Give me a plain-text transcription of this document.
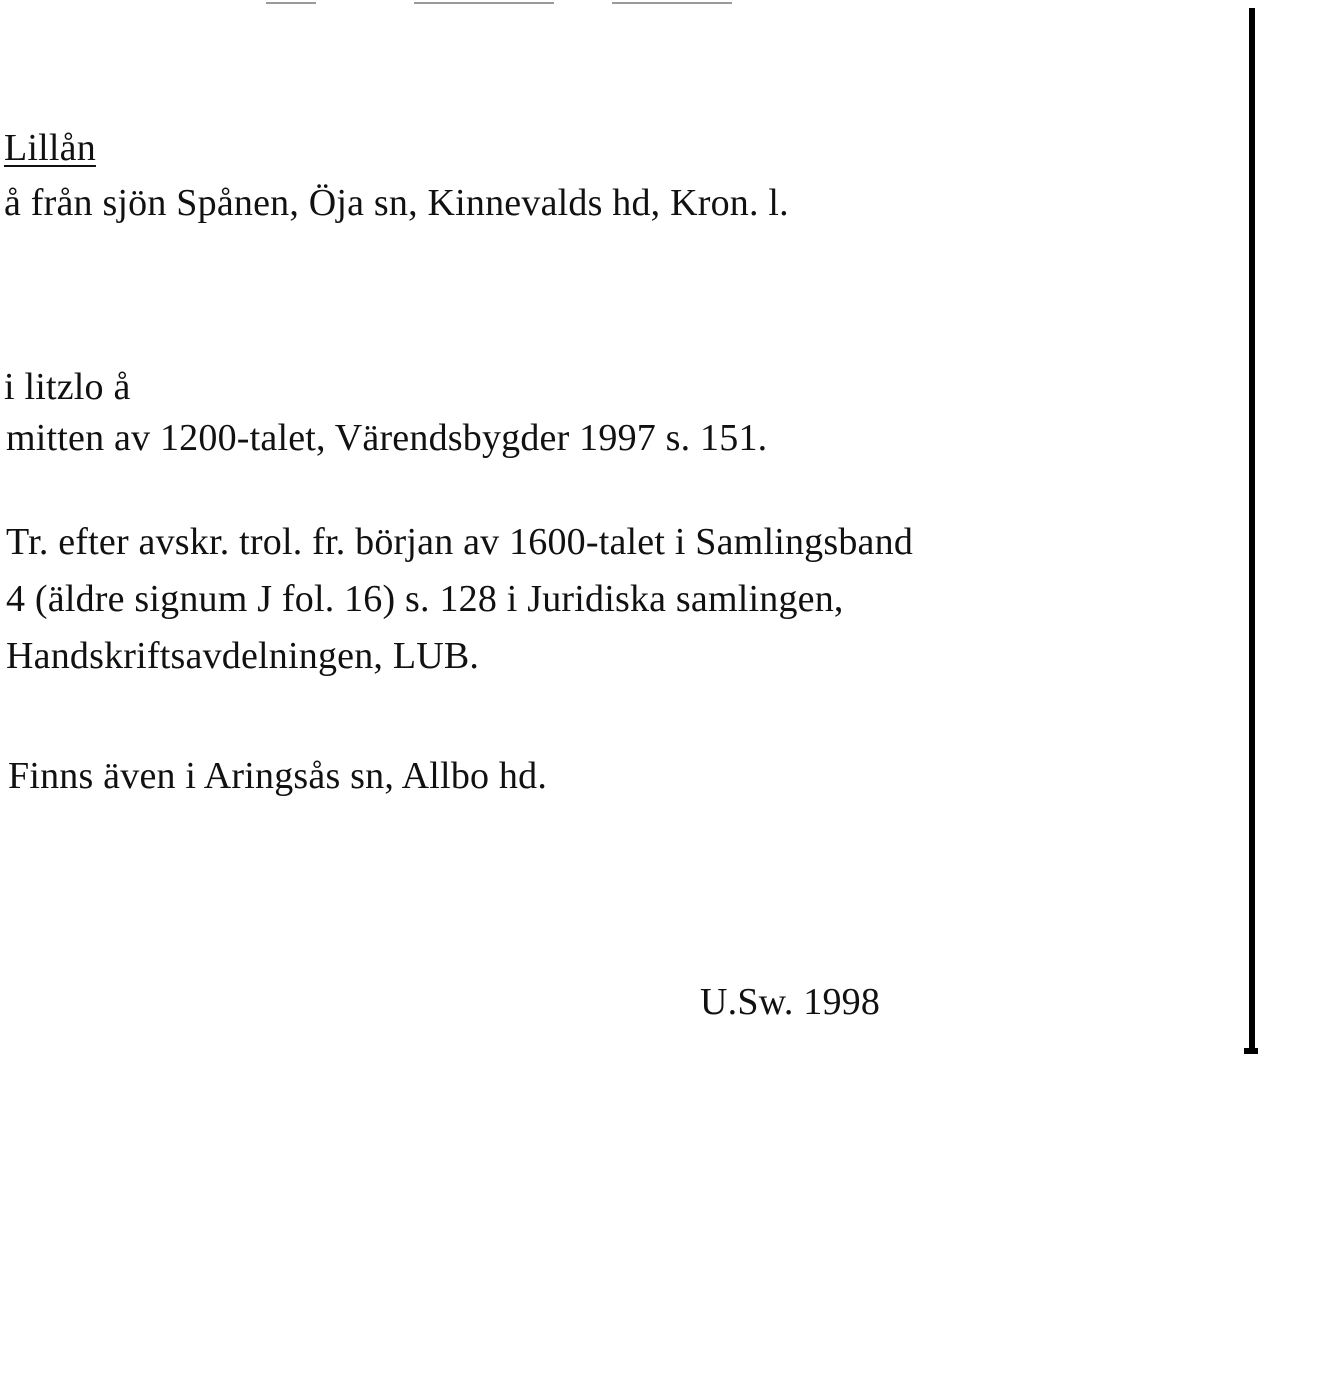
Lillån
å från sjön Spånen, Öja sn, Kinnevalds hd, Kron. l.
i litzlo å
mitten av 1200-talet, Värendsbygder 1997 s. 151.
Tr. efter avskr. trol. fr. början av 1600-talet i Samlingsband
4 (äldre signum J fol. 16) s. 128 i Juridiska samlingen,
Handskriftsavdelningen, LUB.
Finns även i Aringsås sn, Allbo hd.
U.Sw. 1998
